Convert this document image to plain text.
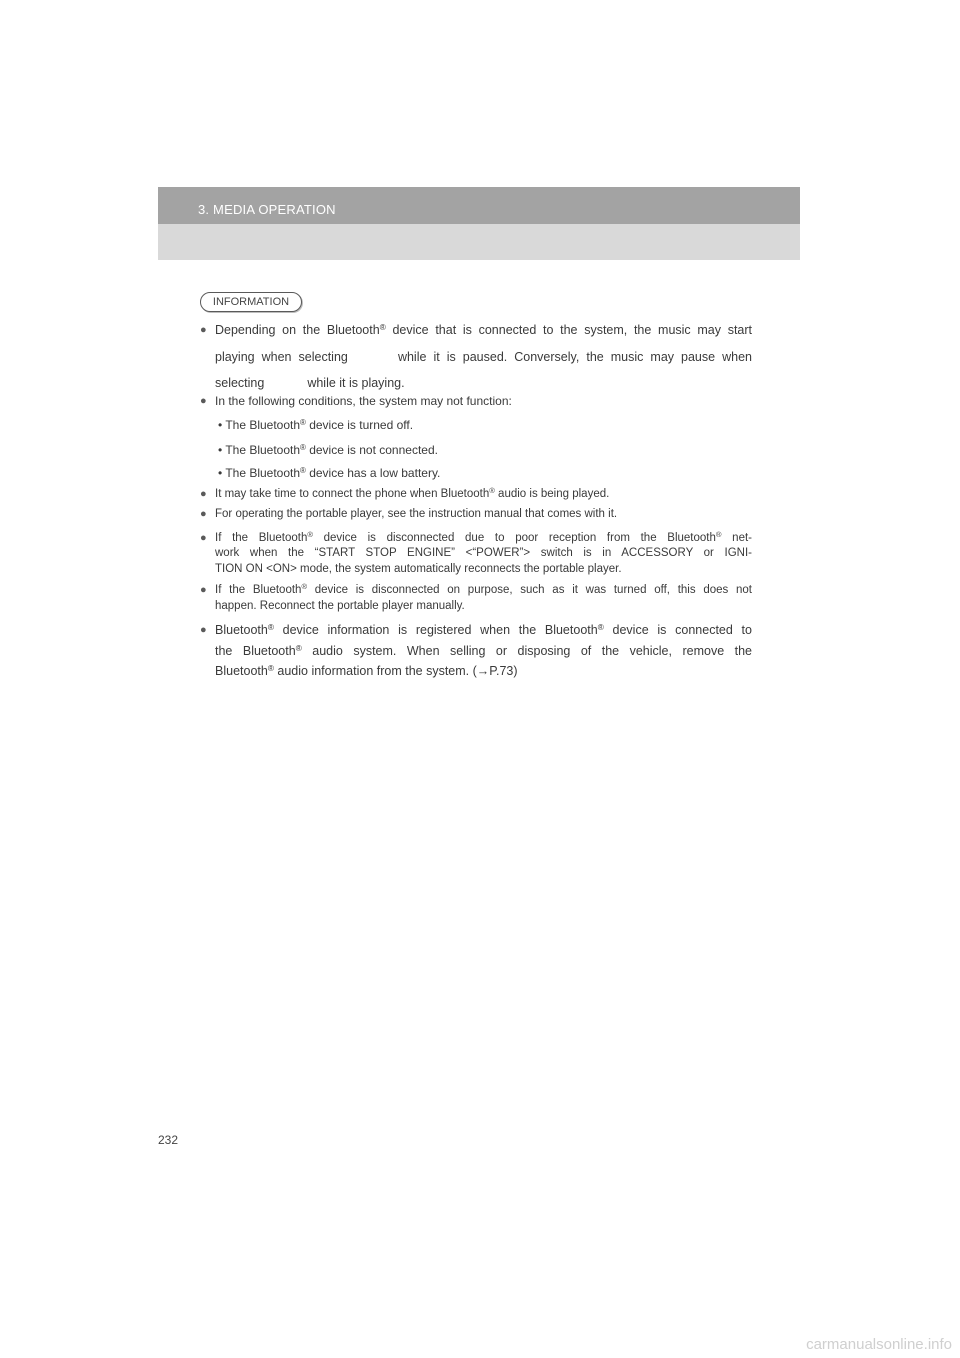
3. MEDIA OPERATION
INFORMATION
● Depending on the Bluetooth® device that is connected to the system, the music may start
playing when selecting	while it is paused. Conversely, the music may pause when
selecting	while it is playing.
● In the following conditions, the system may not function:
• The Bluetooth® device is turned off.
• The Bluetooth® device is not connected.
• The Bluetooth® device has a low battery.
● It may take time to connect the phone when Bluetooth® audio is being played.
● For operating the portable player, see the instruction manual that comes with it.
● If the Bluetooth® device is disconnected due to poor reception from the Bluetooth® net-
work when the “START STOP ENGINE” <“POWER”> switch is in ACCESSORY or IGNI-
TION ON <ON> mode, the system automatically reconnects the portable player.
● If the Bluetooth® device is disconnected on purpose, such as it was turned off, this does not
happen. Reconnect the portable player manually.
● Bluetooth® device information is registered when the Bluetooth® device is connected to
the Bluetooth® audio system. When selling or disposing of the vehicle, remove the
Bluetooth® audio information from the system. (→P.73)
232
carmanualsonline.info
